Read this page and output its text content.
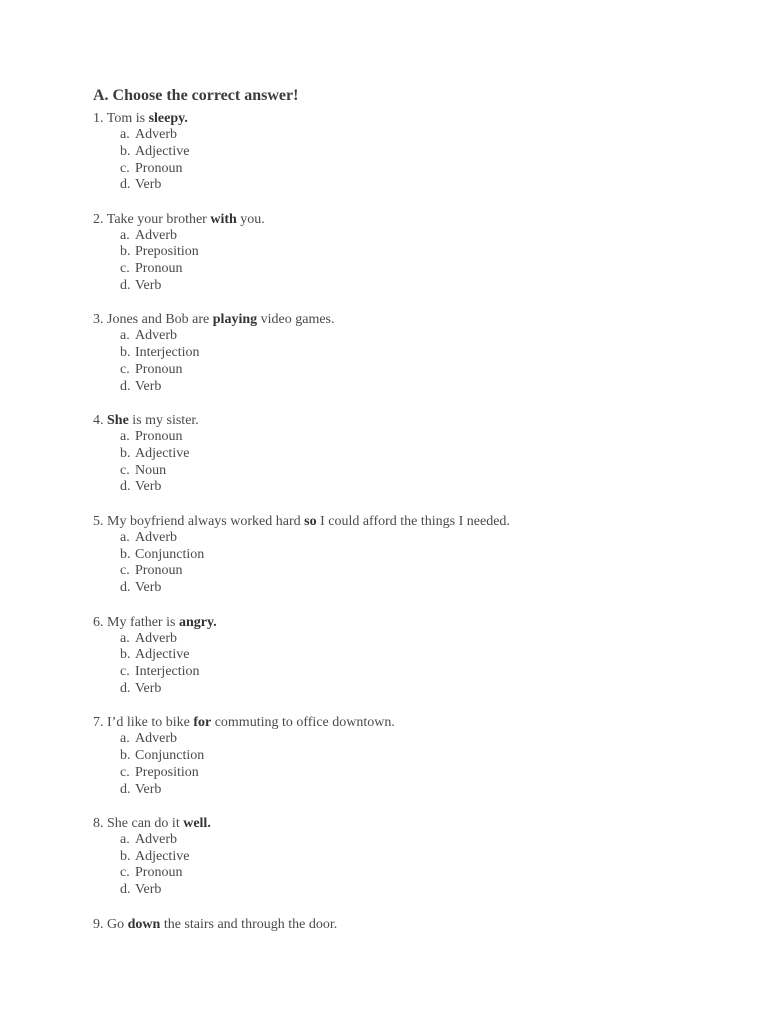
A. Choose the correct answer!
1. Tom is sleepy.
a. Adverb
b. Adjective
c. Pronoun
d. Verb
2. Take your brother with you.
a. Adverb
b. Preposition
c. Pronoun
d. Verb
3. Jones and Bob are playing video games.
a. Adverb
b. Interjection
c. Pronoun
d. Verb
4. She is my sister.
a. Pronoun
b. Adjective
c. Noun
d. Verb
5. My boyfriend always worked hard so I could afford the things I needed.
a. Adverb
b. Conjunction
c. Pronoun
d. Verb
6. My father is angry.
a. Adverb
b. Adjective
c. Interjection
d. Verb
7. I’d like to bike for commuting to office downtown.
a. Adverb
b. Conjunction
c. Preposition
d. Verb
8. She can do it well.
a. Adverb
b. Adjective
c. Pronoun
d. Verb
9. Go down the stairs and through the door.
